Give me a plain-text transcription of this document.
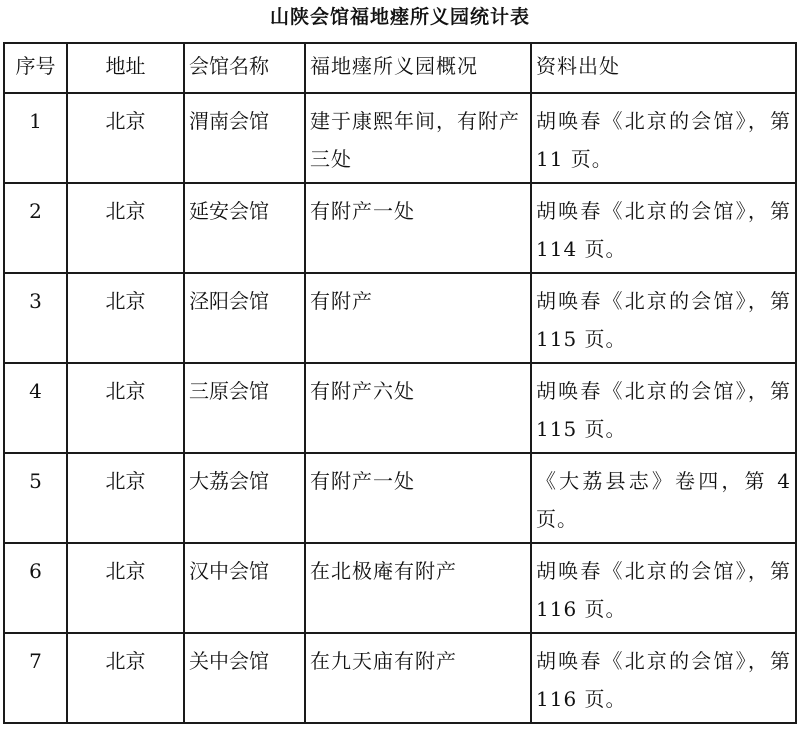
山陕会馆福地瘗所义园统计表
序号	地址	会馆名称	福地瘗所义园概况	资料出处
1	北京	渭南会馆	建于康熙年间，有附产三处	胡唤春《北京的会馆》，第 11 页。
2	北京	延安会馆	有附产一处	胡唤春《北京的会馆》，第 114 页。
3	北京	泾阳会馆	有附产	胡唤春《北京的会馆》，第 115 页。
4	北京	三原会馆	有附产六处	胡唤春《北京的会馆》，第 115 页。
5	北京	大荔会馆	有附产一处	《大荔县志》卷四，第 4 页。
6	北京	汉中会馆	在北极庵有附产	胡唤春《北京的会馆》，第 116 页。
7	北京	关中会馆	在九天庙有附产	胡唤春《北京的会馆》，第 116 页。
